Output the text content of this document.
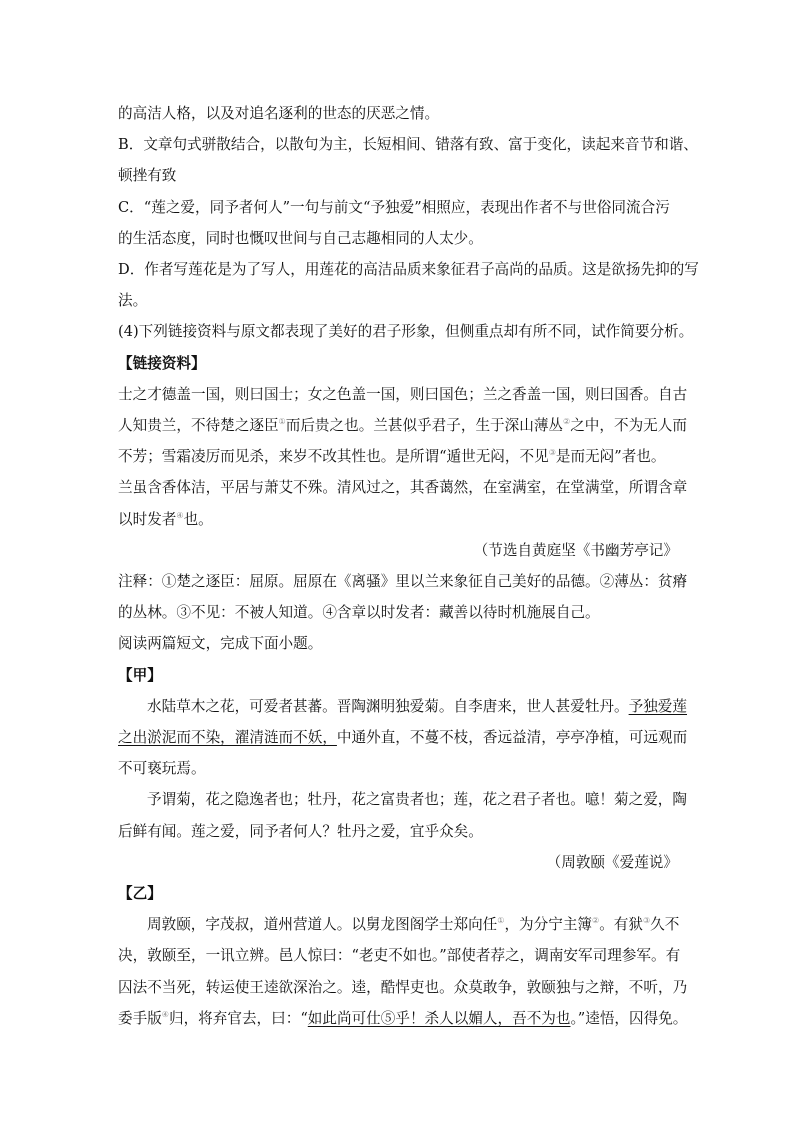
的高洁人格，以及对追名逐利的世态的厌恶之情。

B．文章句式骈散结合，以散句为主，长短相间、错落有致、富于变化，读起来音节和谐、

顿挫有致

C．“莲之爱，同予者何人”一句与前文“予独爱”相照应，表现出作者不与世俗同流合污

的生活态度，同时也慨叹世间与自己志趣相同的人太少。

D．作者写莲花是为了写人，用莲花的高洁品质来象征君子高尚的品质。这是欲扬先抑的写

法。

(4)下列链接资料与原文都表现了美好的君子形象，但侧重点却有所不同，试作简要分析。

【链接资料】

士之才德盖一国，则曰国士；女之色盖一国，则曰国色；兰之香盖一国，则曰国香。自古

人知贵兰，不待楚之逐臣①而后贵之也。兰甚似乎君子，生于深山薄丛②之中，不为无人而

不芳；雪霜凌厉而见杀，来岁不改其性也。是所谓“遁世无闷，不见③是而无闷”者也。

兰虽含香体洁，平居与萧艾不殊。清风过之，其香蔼然，在室满室，在堂满堂，所谓含章

以时发者④也。

（节选自黄庭坚《书幽芳亭记》

注释：①楚之逐臣：屈原。屈原在《离骚》里以兰来象征自己美好的品德。②薄丛：贫瘠

的丛林。③不见：不被人知道。④含章以时发者：藏善以待时机施展自己。

阅读两篇短文，完成下面小题。

【甲】

水陆草木之花，可爱者甚蕃。晋陶渊明独爱菊。自李唐来，世人甚爱牡丹。予独爱莲

之出淤泥而不染，濯清涟而不妖，中通外直，不蔓不枝，香远益清，亭亭净植，可远观而

不可亵玩焉。

予谓菊，花之隐逸者也；牡丹，花之富贵者也；莲，花之君子者也。噫！菊之爱，陶

后鲜有闻。莲之爱，同予者何人？牡丹之爱，宜乎众矣。

（周敦颐《爱莲说》

【乙】

周敦颐，字茂叔，道州营道人。以舅龙图阁学士郑向任①，为分宁主簿②。有狱③久不

决，敦颐至，一讯立辨。邑人惊曰：“老吏不如也。”部使者荐之，调南安军司理参军。有

囚法不当死，转运使王逵欲深治之。逵，酷悍吏也。众莫敢争，敦颐独与之辩，不听，乃

委手版④归，将弃官去，曰：“如此尚可仕⑤乎！杀人以媚人，吾不为也。”逵悟，囚得免。
